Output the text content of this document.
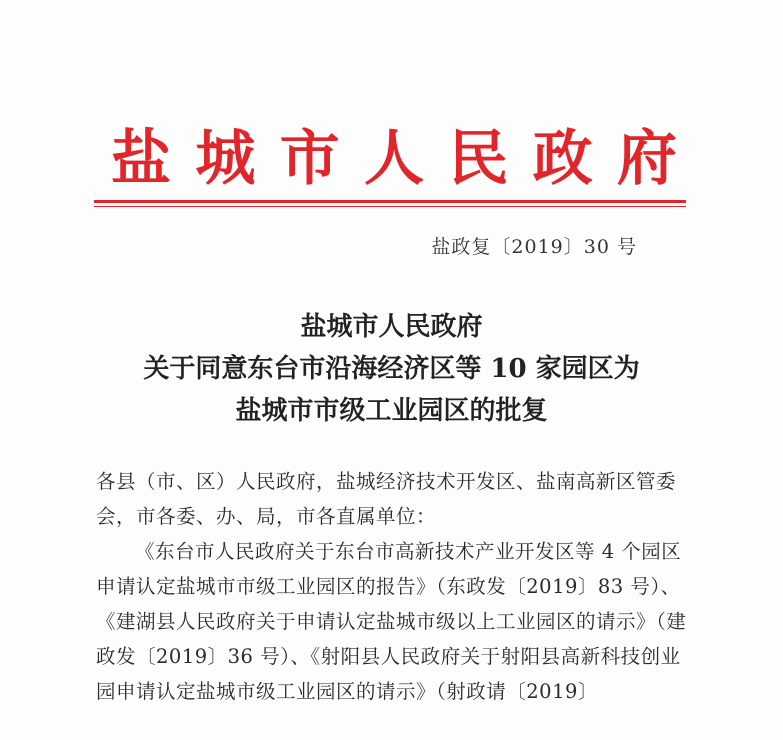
盐 城 市 人 民 政 府
盐政复〔2019〕30 号
盐城市人民政府
关于同意东台市沿海经济区等 10 家园区为
盐城市市级工业园区的批复

各县（市、区）人民政府，盐城经济技术开发区、盐南高新区管委会，市各委、办、局，市各直属单位：

《东台市人民政府关于东台市高新技术产业开发区等 4 个园区申请认定盐城市市级工业园区的报告》（东政发〔2019〕83 号）、《建湖县人民政府关于申请认定盐城市级以上工业园区的请示》（建政发〔2019〕36 号）、《射阳县人民政府关于射阳县高新科技创业园申请认定盐城市级工业园区的请示》（射政请〔2019〕
